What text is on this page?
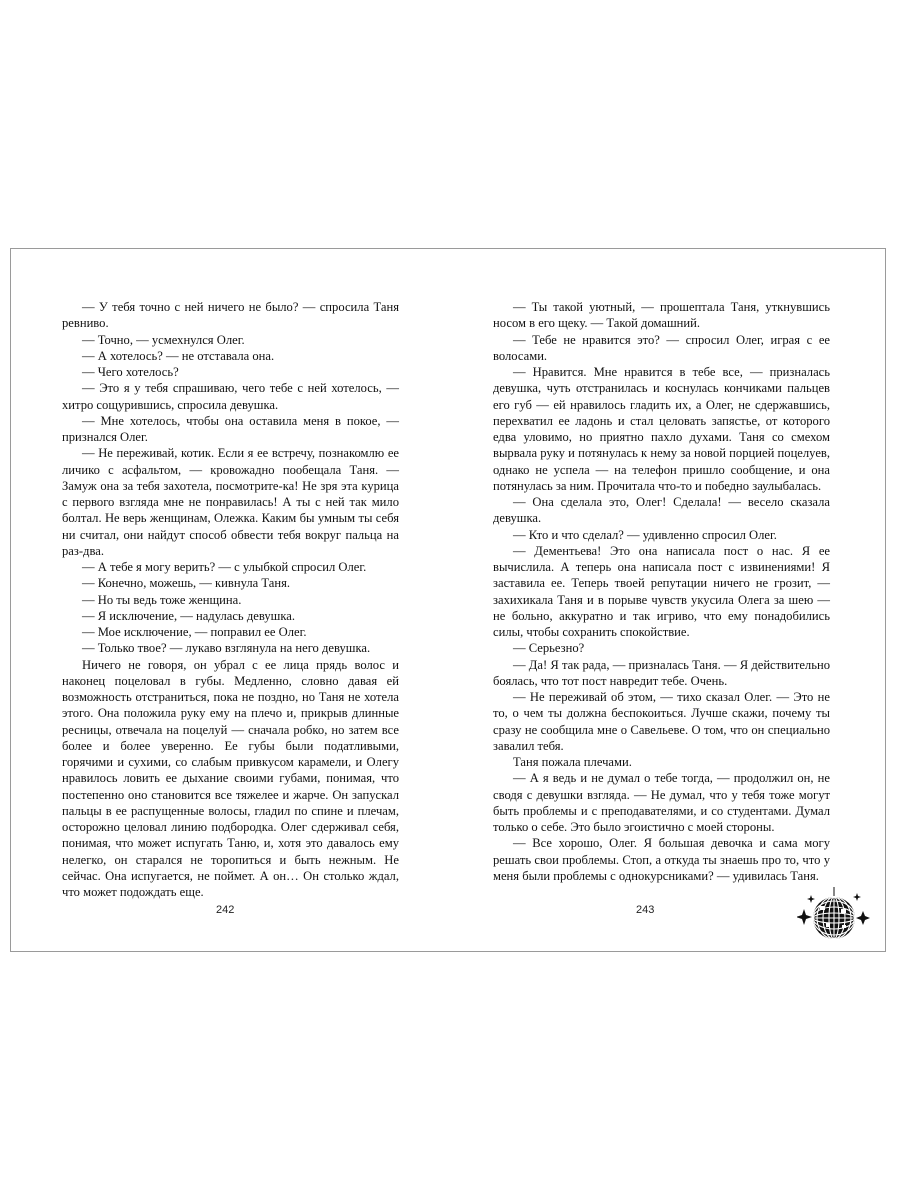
— У тебя точно с ней ничего не было? — спросила Таня ревниво.

— Точно, — усмехнулся Олег.

— А хотелось? — не отставала она.

— Чего хотелось?

— Это я у тебя спрашиваю, чего тебе с ней хотелось, — хитро сощурившись, спросила девушка.

— Мне хотелось, чтобы она оставила меня в покое, — признался Олег.

— Не переживай, котик. Если я ее встречу, познакомлю ее личико с асфальтом, — кровожадно пообещала Таня. — Замуж она за тебя захотела, посмотрите-ка! Не зря эта курица с первого взгляда мне не понравилась! А ты с ней так мило болтал. Не верь женщинам, Олежка. Каким бы умным ты себя ни считал, они найдут способ обвести тебя вокруг пальца на раз-два.

— А тебе я могу верить? — с улыбкой спросил Олег.

— Конечно, можешь, — кивнула Таня.

— Но ты ведь тоже женщина.

— Я исключение, — надулась девушка.

— Мое исключение, — поправил ее Олег.

— Только твое? — лукаво взглянула на него девушка.

Ничего не говоря, он убрал с ее лица прядь волос и наконец поцеловал в губы. Медленно, словно давая ей возможность отстраниться, пока не поздно, но Таня не хотела этого. Она положила руку ему на плечо и, прикрыв длинные ресницы, отвечала на поцелуй — сначала робко, но затем все более и более уверенно. Ее губы были податливыми, горячими и сухими, со слабым привкусом карамели, и Олегу нравилось ловить ее дыхание своими губами, понимая, что постепенно оно становится все тяжелее и жарче. Он запускал пальцы в ее распущенные волосы, гладил по спине и плечам, осторожно целовал линию подбородка. Олег сдерживал себя, понимая, что может испугать Таню, и, хотя это давалось ему нелегко, он старался не торопиться и быть нежным. Не сейчас. Она испугается, не поймет. А он… Он столько ждал, что может подождать еще.

— Ты такой уютный, — прошептала Таня, уткнувшись носом в его щеку. — Такой домашний.

— Тебе не нравится это? — спросил Олег, играя с ее волосами.

— Нравится. Мне нравится в тебе все, — призналась девушка, чуть отстранилась и коснулась кончиками пальцев его губ — ей нравилось гладить их, а Олег, не сдержавшись, перехватил ее ладонь и стал целовать запястье, от которого едва уловимо, но приятно пахло духами. Таня со смехом вырвала руку и потянулась к нему за новой порцией поцелуев, однако не успела — на телефон пришло сообщение, и она потянулась за ним. Прочитала что-то и победно заулыбалась.

— Она сделала это, Олег! Сделала! — весело сказала девушка.

— Кто и что сделал? — удивленно спросил Олег.

— Дементьева! Это она написала пост о нас. Я ее вычислила. А теперь она написала пост с извинениями! Я заставила ее. Теперь твоей репутации ничего не грозит, — захихикала Таня и в порыве чувств укусила Олега за шею — не больно, аккуратно и так игриво, что ему понадобились силы, чтобы сохранить спокойствие.

— Серьезно?

— Да! Я так рада, — призналась Таня. — Я действительно боялась, что тот пост навредит тебе. Очень.

— Не переживай об этом, — тихо сказал Олег. — Это не то, о чем ты должна беспокоиться. Лучше скажи, почему ты сразу не сообщила мне о Савельеве. О том, что он специально завалил тебя.

Таня пожала плечами.

— А я ведь и не думал о тебе тогда, — продолжил он, не сводя с девушки взгляда. — Не думал, что у тебя тоже могут быть проблемы и с преподавателями, и со студентами. Думал только о себе. Это было эгоистично с моей стороны.

— Все хорошо, Олег. Я большая девочка и сама могу решать свои проблемы. Стоп, а откуда ты знаешь про то, что у меня были проблемы с однокурсниками? — удивилась Таня.

242	243
